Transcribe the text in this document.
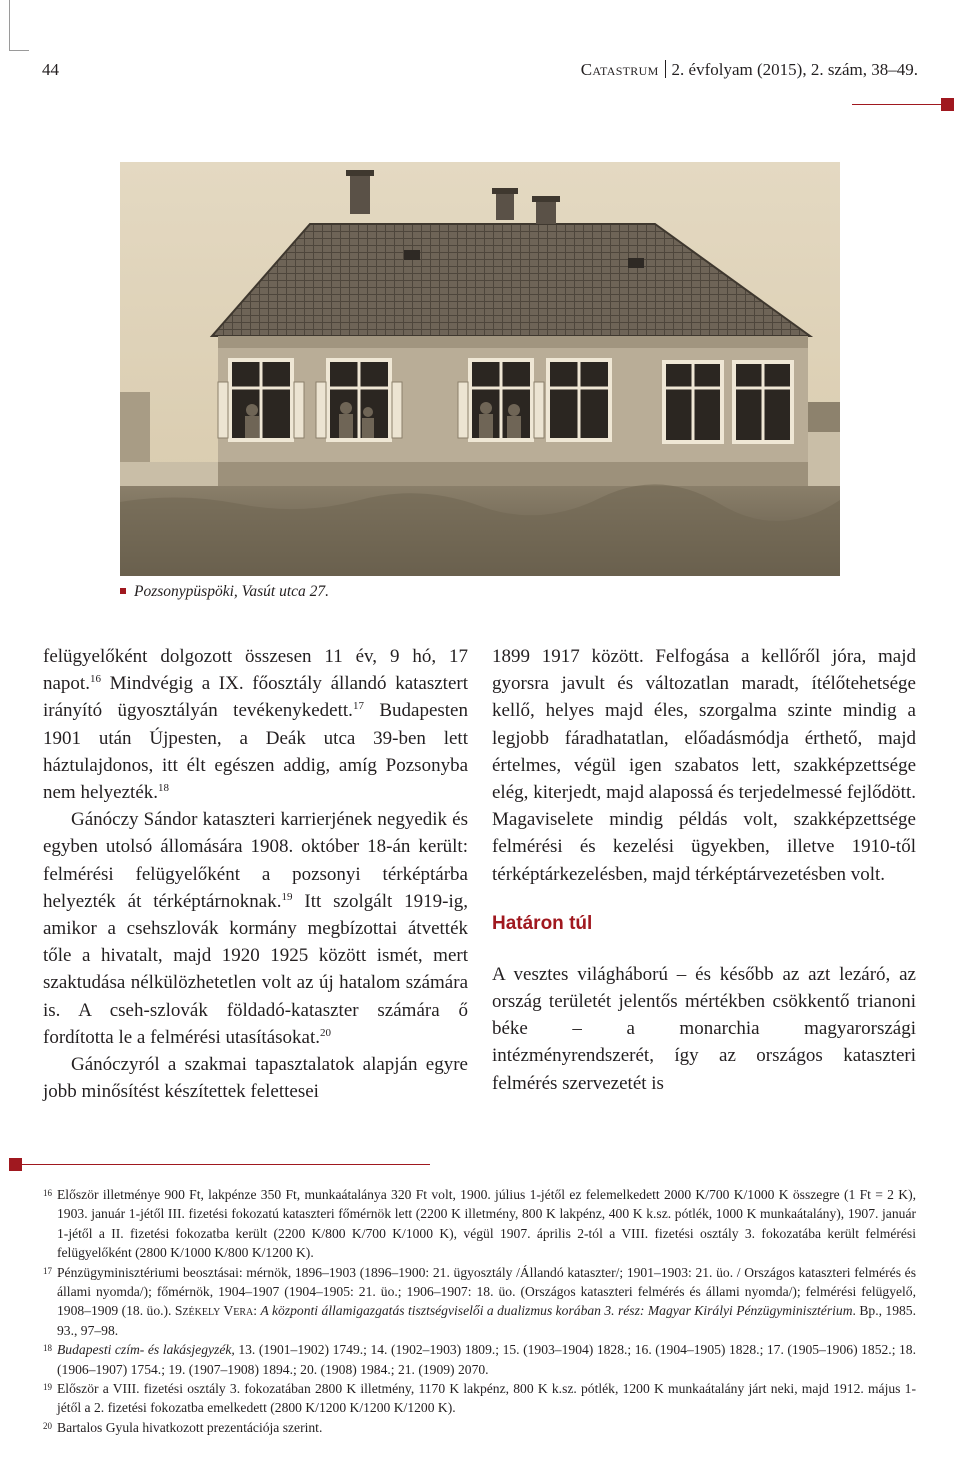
44	Catastrum 2. évfolyam (2015), 2. szám, 38–49.
Pozsonypüspöki, Vasút utca 27.

felügyelőként dolgozott összesen 11 év, 9 hó, 17 napot.$^{16}$ Mindvégig a IX. főosztály állandó katasztert irányító ügyosztályán tevékenykedett.$^{17}$ Budapesten 1901 után Újpesten, a Deák utca 39-ben lett háztulajdonos, itt élt egészen addig, amíg Pozsonyba nem helyezték.$^{18}$

Gánóczy Sándor kataszteri karrierjének negyedik és egyben utolsó állomására 1908. október 18-án került: felmérési felügyelőként a pozsonyi térképtárba helyezték át térképtárnoknak.$^{19}$ Itt szolgált 1919-ig, amikor a csehszlovák kormány megbízottai átvették tőle a hivatalt, majd 1920 1925 között ismét, mert szaktudása nélkülözhetetlen volt az új hatalom számára is. A cseh-szlovák földadó-kataszter számára ő fordította le a felmérési utasításokat.$^{20}$

Gánóczyról a szakmai tapasztalatok alapján egyre jobb minősítést készítettek felettesei

1899 1917 között. Felfogása a kellőről jóra, majd gyorsra javult és változatlan maradt, ítélőtehetsége kellő, helyes majd éles, szorgalma szinte mindig a legjobb fáradhatatlan, előadásmódja érthető, majd értelmes, végül igen szabatos lett, szakképzettsége elég, kiterjedt, majd alapossá és terjedelmessé fejlődött. Magaviselete mindig példás volt, szakképzettsége felmérési és kezelési ügyekben, illetve 1910-től térképtárkezelésben, majd térképtárvezetésben volt.

Határon túl

A vesztes világháború – és később az azt lezáró, az ország területét jelentős mértékben csökkentő trianoni béke – a monarchia magyarországi intézményrendszerét, így az országos kataszteri felmérés szervezetét is

16 Először illetménye 900 Ft, lakpénze 350 Ft, munkaátalánya 320 Ft volt, 1900. július 1-jétől ez felemelkedett 2000 K/700 K/1000 K összegre (1 Ft = 2 K), 1903. január 1-jétől III. fizetési fokozatú kataszteri főmérnök lett (2200 K illetmény, 800 K lakpénz, 400 K k.sz. pótlék, 1000 K munkaátalány), 1907. január 1-jétől a II. fizetési fokozatba került (2200 K/800 K/700 K/1000 K), végül 1907. április 2-tól a VIII. fizetési osztály 3. fokozatába került felmérési felügyelőként (2800 K/1000 K/800 K/1200 K).
17 Pénzügyminisztériumi beosztásai: mérnök, 1896–1903 (1896–1900: 21. ügyosztály /Állandó kataszter/; 1901–1903: 21. üo. / Országos kataszteri felmérés és állami nyomda/); főmérnök, 1904–1907 (1904–1905: 21. üo.; 1906–1907: 18. üo. (Országos kataszteri felmérés és állami nyomda/); felmérési felügyelő, 1908–1909 (18. üo.). Székely Vera: A központi államigazgatás tisztségviselői a dualizmus korában 3. rész: Magyar Királyi Pénzügyminisztérium. Bp., 1985. 93., 97–98.
18 Budapesti czím- és lakásjegyzék, 13. (1901–1902) 1749.; 14. (1902–1903) 1809.; 15. (1903–1904) 1828.; 16. (1904–1905) 1828.; 17. (1905–1906) 1852.; 18. (1906–1907) 1754.; 19. (1907–1908) 1894.; 20. (1908) 1984.; 21. (1909) 2070.
19 Először a VIII. fizetési osztály 3. fokozatában 2800 K illetmény, 1170 K lakpénz, 800 K k.sz. pótlék, 1200 K munkaátalány járt neki, majd 1912. május 1-jétől a 2. fizetési fokozatba emelkedett (2800 K/1200 K/1200 K/1200 K).
20 Bartalos Gyula hivatkozott prezentációja szerint.
